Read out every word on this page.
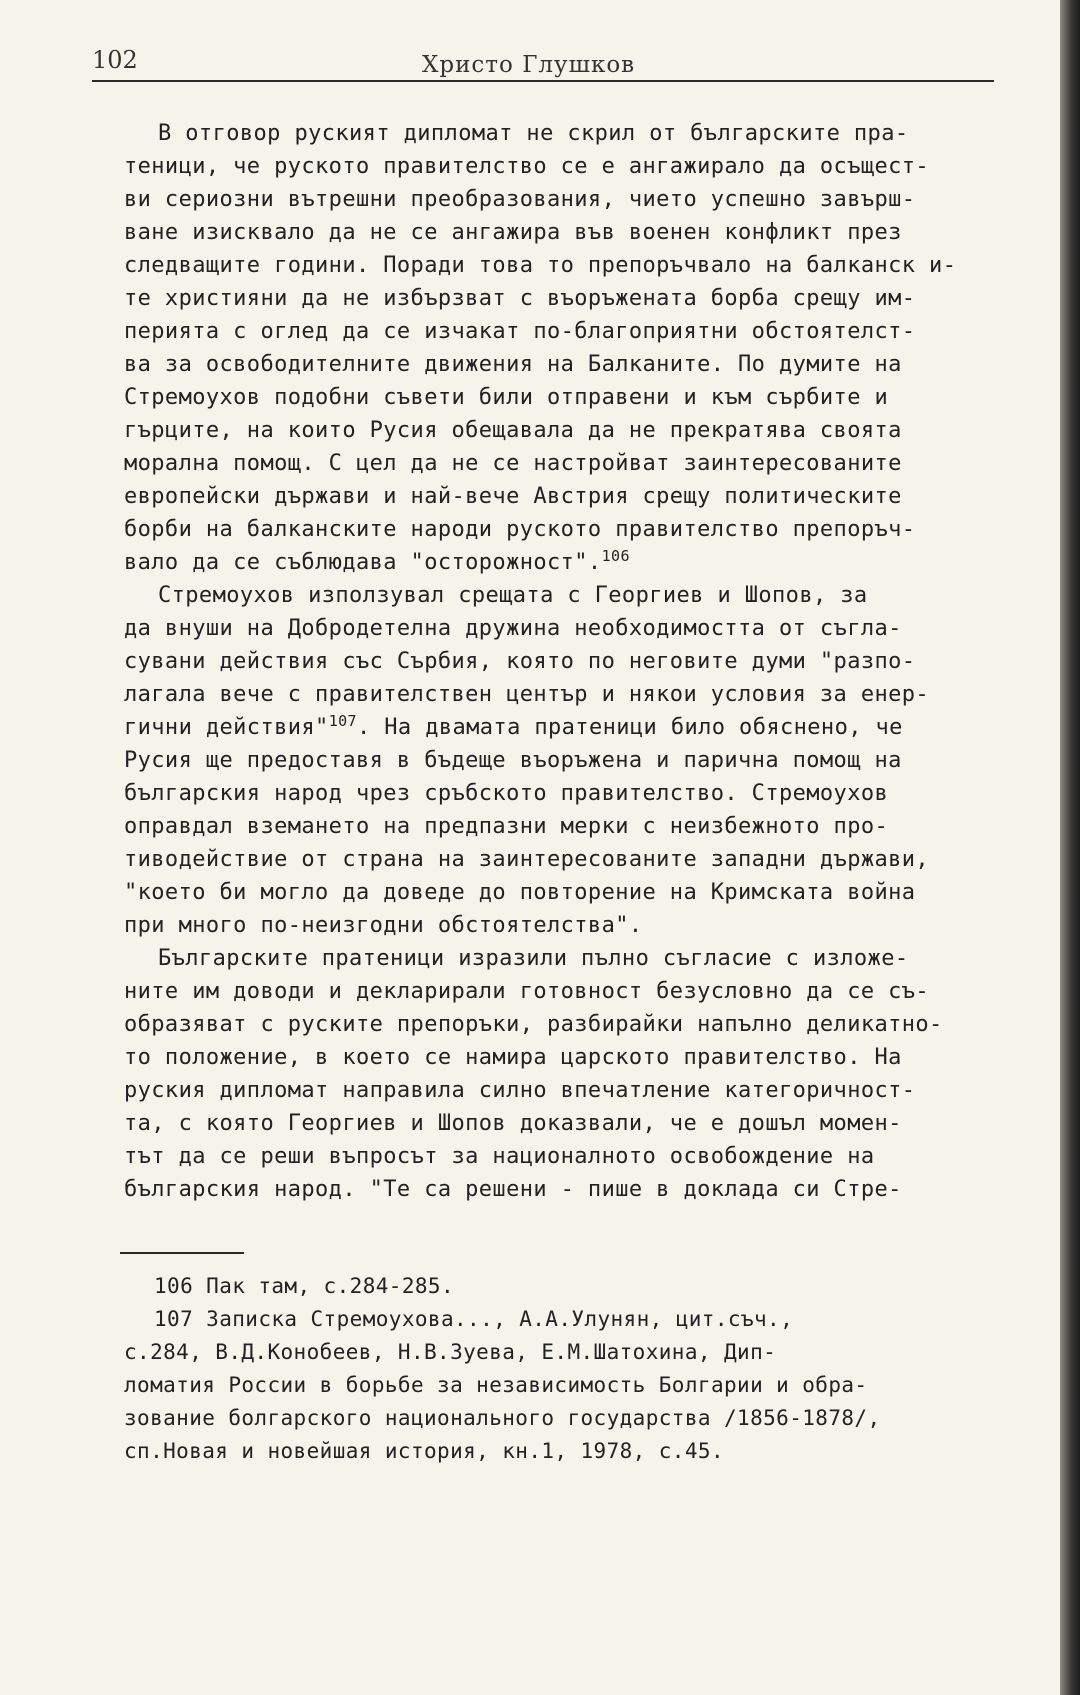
102	Христо Глушков
В отговор руският дипломат не скрил от българските пра-
теници, че руското правителство се е ангажирало да осъщест-
ви сериозни вътрешни преобразования, чието успешно завърш-
ване изисквало да не се ангажира във военен конфликт през
следващите години. Поради това то препоръчвало на балканск и-
те християни да не избързват с въоръжената борба срещу им-
перията с оглед да се изчакат по-благоприятни обстоятелст-
ва за освободителните движения на Балканите. По думите на
Стремоухов подобни съвети били отправени и към сърбите и
гърците, на които Русия обещавала да не прекратява своята
морална помощ. С цел да не се настройват заинтересованите
европейски държави и най-вече Австрия срещу политическите
борби на балканските народи руското правителство препоръч-
вало да се съблюдава "осторожност".$^{106}$
Стремоухов използувал срещата с Георгиев и Шопов, за
да внуши на Добродетелна дружина необходимостта от съгла-
сувани действия със Сърбия, която по неговите думи "разпо-
лагала вече с правителствен център и някои условия за енер-
гични действия"$^{107}$. На двамата пратеници било обяснено, че
Русия ще предоставя в бъдеще въоръжена и парична помощ на
българския народ чрез сръбското правителство. Стремоухов
оправдал вземането на предпазни мерки с неизбежното про-
тиводействие от страна на заинтересованите западни държави,
"което би могло да доведе до повторение на Кримската война
при много по-неизгодни обстоятелства".
Българските пратеници изразили пълно съгласие с изложе-
ните им доводи и декларирали готовност безусловно да се съ-
образяват с руските препоръки, разбирайки напълно деликатно-
то положение, в което се намира царското правителство. На
руския дипломат направила силно впечатление категоричност-
та, с която Георгиев и Шопов доказвали, че е дошъл момен-
тът да се реши въпросът за националното освобождение на
българския народ. "Те са решени - пише в доклада си Стре-
106 Пак там, с.284-285.
107 Записка Стремоухова..., А.А.Улунян, цит.съч.,
с.284, В.Д.Конобеев, Н.В.Зуева, Е.М.Шатохина, Дип-
ломатия России в борьбе за независимость Болгарии и обра-
зование болгарского национального государства /1856-1878/,
сп.Новая и новейшая история, кн.1, 1978, с.45.
